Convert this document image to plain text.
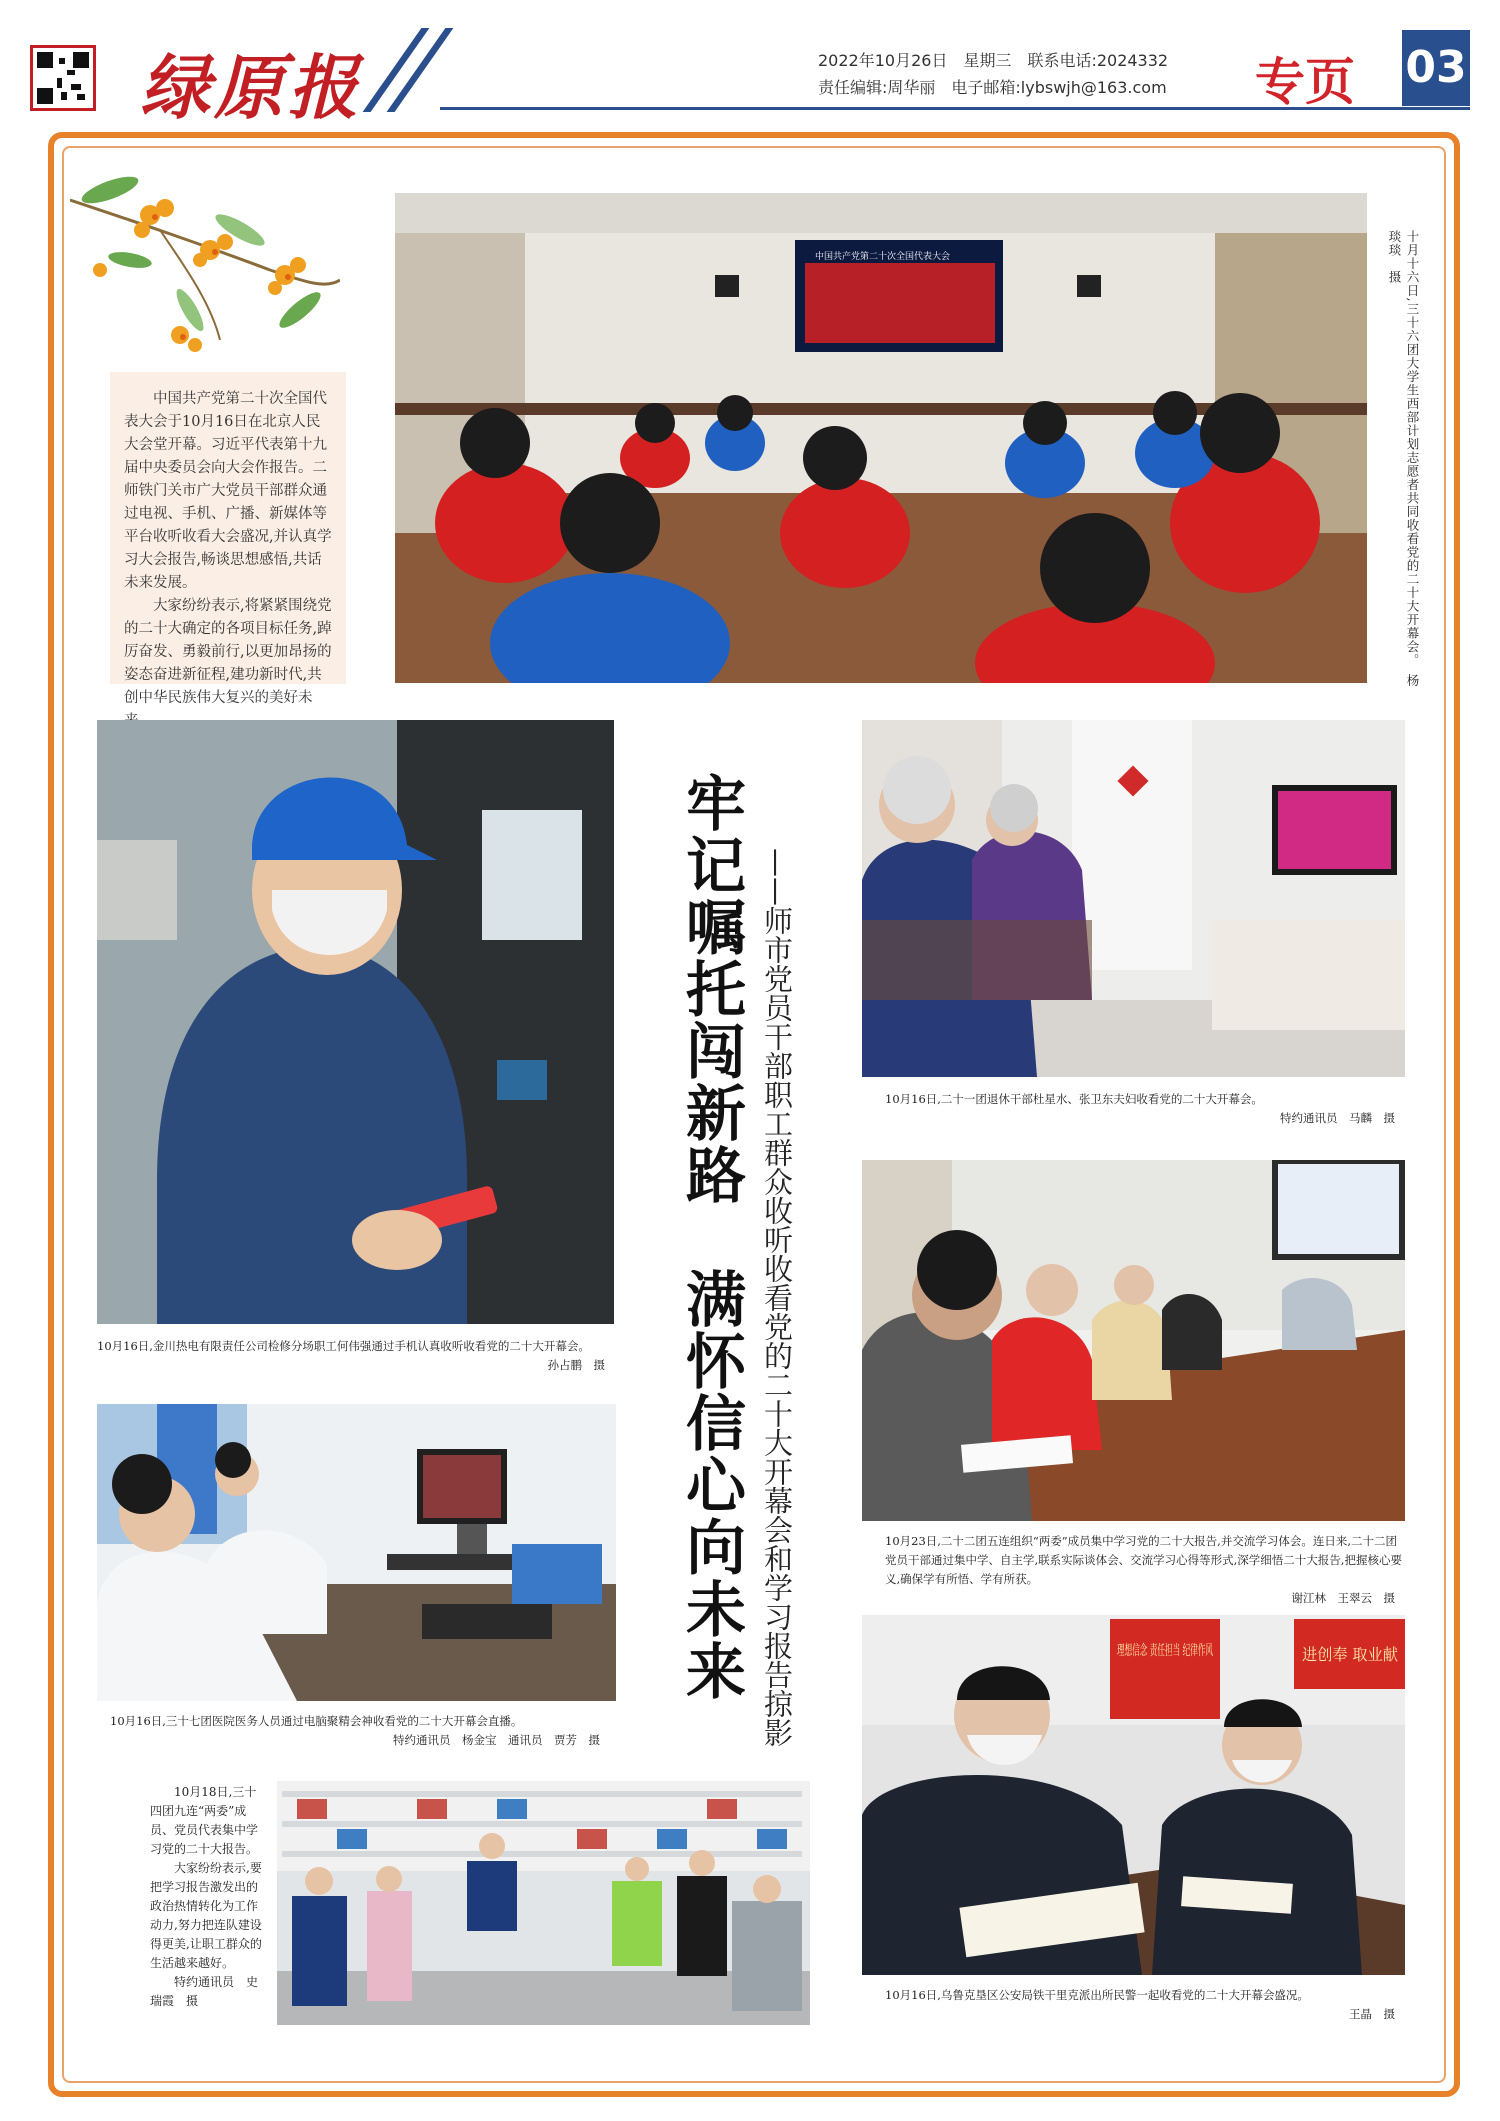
绿原报	2022年10月26日　星期三　联系电话:2024332
责任编辑:周华丽　电子邮箱:lybswjh@163.com 专页 03

中国共产党第二十次全国代表大会于10月16日在北京人民大会堂开幕。习近平代表第十九届中央委员会向大会作报告。二师铁门关市广大党员干部群众通过电视、手机、广播、新媒体等平台收听收看大会盛况,并认真学习大会报告,畅谈思想感悟,共话未来发展。

大家纷纷表示,将紧紧围绕党的二十大确定的各项目标任务,踔厉奋发、勇毅前行,以更加昂扬的姿态奋进新征程,建功新时代,共创中华民族伟大复兴的美好未

中国共产党第二十次全国代表大会	十月十六日,三十六团大学生西部计划志愿者共同收看党的二十大开幕会。　杨琰琰　摄
10月16日,金川热电有限责任公司检修分场职工何伟强通过手机认真收听收看党的二十大开幕会。
孙占鹏　摄
10月16日,三十七团医院医务人员通过电脑聚精会神收看党的二十大开幕会直播。
特约通讯员　杨金宝　通讯员　贾芳　摄

10月18日,三十四团九连“两委”成员、党员代表集中学习党的二十大报告。

大家纷纷表示,要把学习报告激发出的政治热情转化为工作动力,努力把连队建设得更美,让职工群众的生活越来越好。

特约通讯员　史瑞霞　摄

牢记嘱托闯新路　满怀信心向未来 ——师市党员干部职工群众收听收看党的二十大开幕会和学习报告掠影	10月16日,二十一团退休干部杜星水、张卫东夫妇收看党的二十大开幕会。
特约通讯员　马麟　摄
10月23日,二十二团五连组织“两委”成员集中学习党的二十大报告,并交流学习体会。连日来,二十二团党员干部通过集中学、自主学,联系实际谈体会、交流学习心得等形式,深学细悟二十大报告,把握核心要义,确保学有所悟、学有所获。
谢江林　王翠云　摄
理想信念 责任担当 纪律作风 进创奉 取业献
10月16日,乌鲁克垦区公安局铁干里克派出所民警一起收看党的二十大开幕会盛况。
王晶　摄
